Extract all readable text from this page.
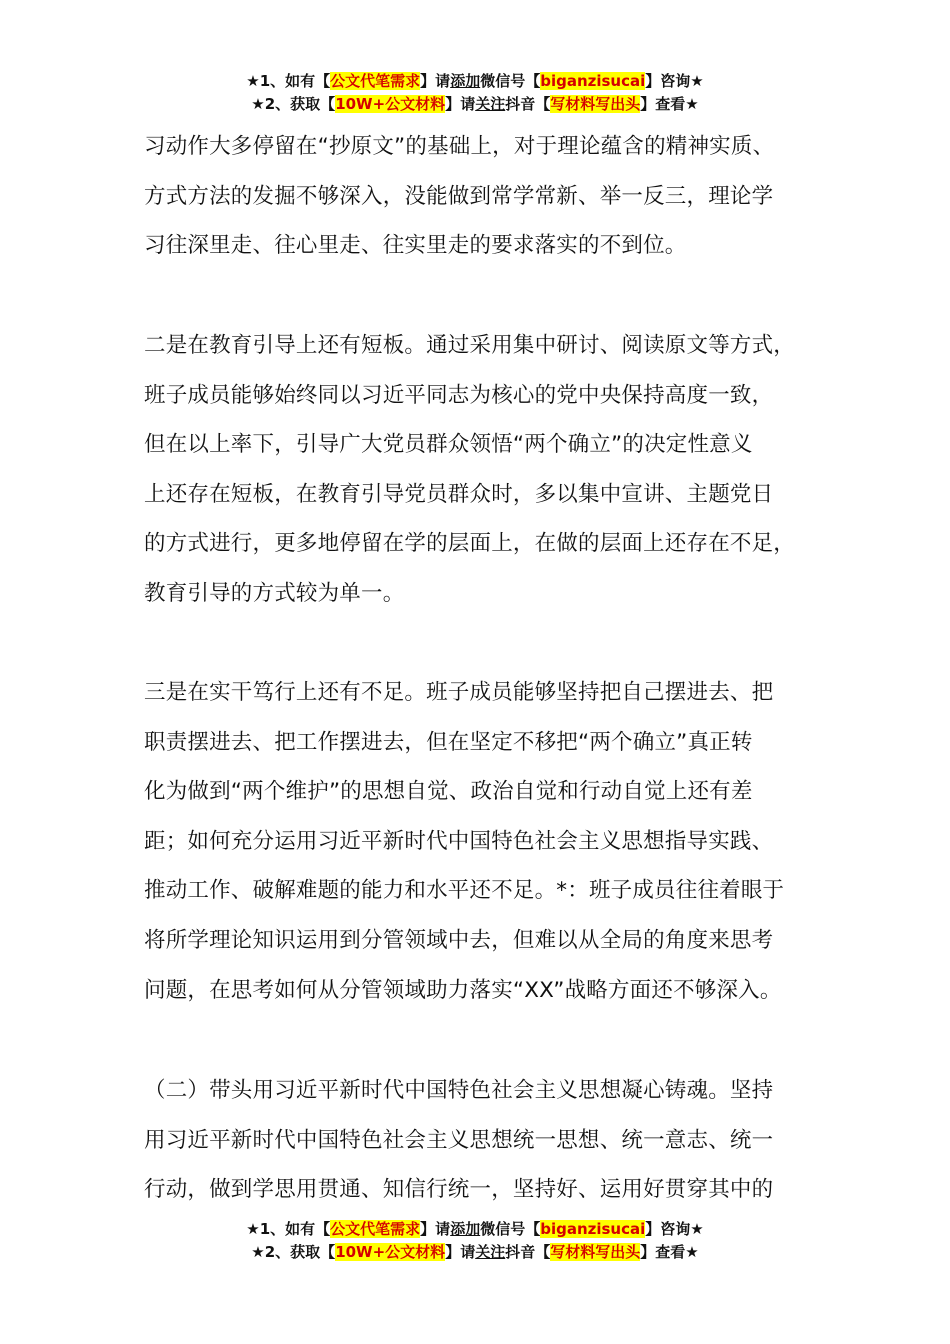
★1、如有【公文代笔需求】请添加微信号【biganzisucai】咨询★
★2、获取【10W+公文材料】请关注抖音【写材料写出头】查看★
习动作大多停留在“抄原文”的基础上，对于理论蕴含的精神实质、
方式方法的发掘不够深入，没能做到常学常新、举一反三，理论学
习往深里走、往心里走、往实里走的要求落实的不到位。
二是在教育引导上还有短板。通过采用集中研讨、阅读原文等方式，
班子成员能够始终同以习近平同志为核心的党中央保持高度一致，
但在以上率下，引导广大党员群众领悟“两个确立”的决定性意义
上还存在短板，在教育引导党员群众时，多以集中宣讲、主题党日
的方式进行，更多地停留在学的层面上，在做的层面上还存在不足，
教育引导的方式较为单一。
三是在实干笃行上还有不足。班子成员能够坚持把自己摆进去、把
职责摆进去、把工作摆进去，但在坚定不移把“两个确立”真正转
化为做到“两个维护”的思想自觉、政治自觉和行动自觉上还有差
距；如何充分运用习近平新时代中国特色社会主义思想指导实践、
推动工作、破解难题的能力和水平还不足。*：班子成员往往着眼于
将所学理论知识运用到分管领域中去，但难以从全局的角度来思考
问题，在思考如何从分管领域助力落实“XX”战略方面还不够深入。
（二）带头用习近平新时代中国特色社会主义思想凝心铸魂。坚持
用习近平新时代中国特色社会主义思想统一思想、统一意志、统一
行动，做到学思用贯通、知信行统一，坚持好、运用好贯穿其中的
★1、如有【公文代笔需求】请添加微信号【biganzisucai】咨询★
★2、获取【10W+公文材料】请关注抖音【写材料写出头】查看★
